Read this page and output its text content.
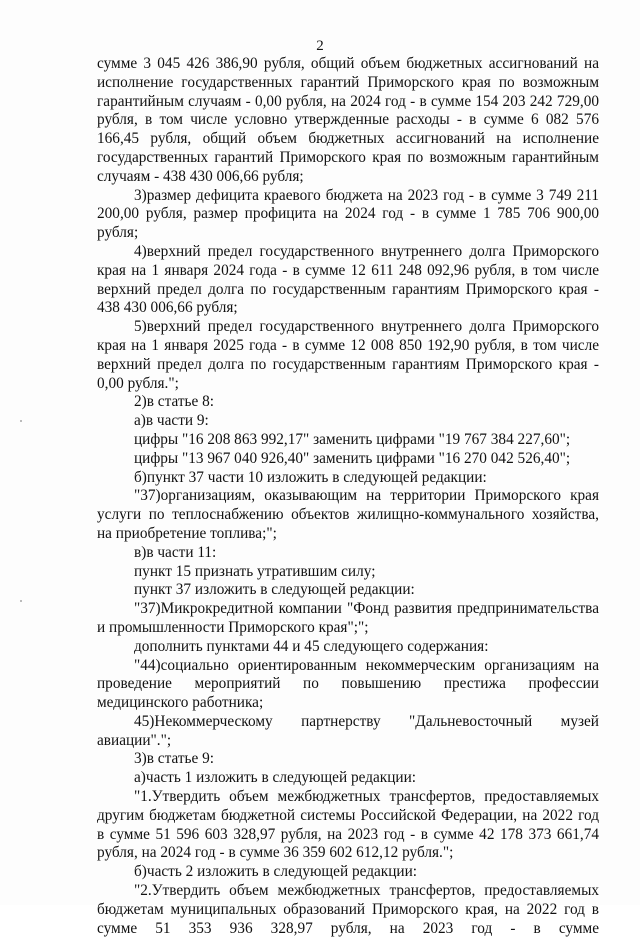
2

сумме 3 045 426 386,90 рубля, общий объем бюджетных ассигнований на исполнение государственных гарантий Приморского края по возможным гарантийным случаям - 0,00 рубля, на 2024 год - в сумме 154 203 242 729,00 рубля, в том числе условно утвержденные расходы - в сумме 6 082 576 166,45 рубля, общий объем бюджетных ассигнований на исполнение государственных гарантий Приморского края по возможным гарантийным случаям - 438 430 006,66 рубля;

3)размер дефицита краевого бюджета на 2023 год - в сумме 3 749 211 200,00 рубля, размер профицита на 2024 год - в сумме 1 785 706 900,00 рубля;

4)верхний предел государственного внутреннего долга Приморского края на 1 января 2024 года - в сумме 12 611 248 092,96 рубля, в том числе верхний предел долга по государственным гарантиям Приморского края - 438 430 006,66 рубля;

5)верхний предел государственного внутреннего долга Приморского края на 1 января 2025 года - в сумме 12 008 850 192,90 рубля, в том числе верхний предел долга по государственным гарантиям Приморского края - 0,00 рубля.";

2)в статье 8:

а)в части 9:

цифры "16 208 863 992,17" заменить цифрами "19 767 384 227,60";

цифры "13 967 040 926,40" заменить цифрами "16 270 042 526,40";

б)пункт 37 части 10 изложить в следующей редакции:

"37)организациям, оказывающим на территории Приморского края услуги по теплоснабжению объектов жилищно-коммунального хозяйства, на приобретение топлива;";

в)в части 11:

пункт 15 признать утратившим силу;

пункт 37 изложить в следующей редакции:

"37)Микрокредитной компании "Фонд развития предпринимательства и промышленности Приморского края";";

дополнить пунктами 44 и 45 следующего содержания:

"44)социально ориентированным некоммерческим организациям на проведение мероприятий по повышению престижа профессии медицинского работника;

45)Некоммерческому партнерству "Дальневосточный музей авиации".";

3)в статье 9:

а)часть 1 изложить в следующей редакции:

"1.Утвердить объем межбюджетных трансфертов, предоставляемых другим бюджетам бюджетной системы Российской Федерации, на 2022 год в сумме 51 596 603 328,97 рубля, на 2023 год - в сумме 42 178 373 661,74 рубля, на 2024 год - в сумме 36 359 602 612,12 рубля.";

б)часть 2 изложить в следующей редакции:

"2.Утвердить объем межбюджетных трансфертов, предоставляемых бюджетам муниципальных образований Приморского края, на 2022 год в сумме 51 353 936 328,97 рубля, на 2023 год - в сумме
